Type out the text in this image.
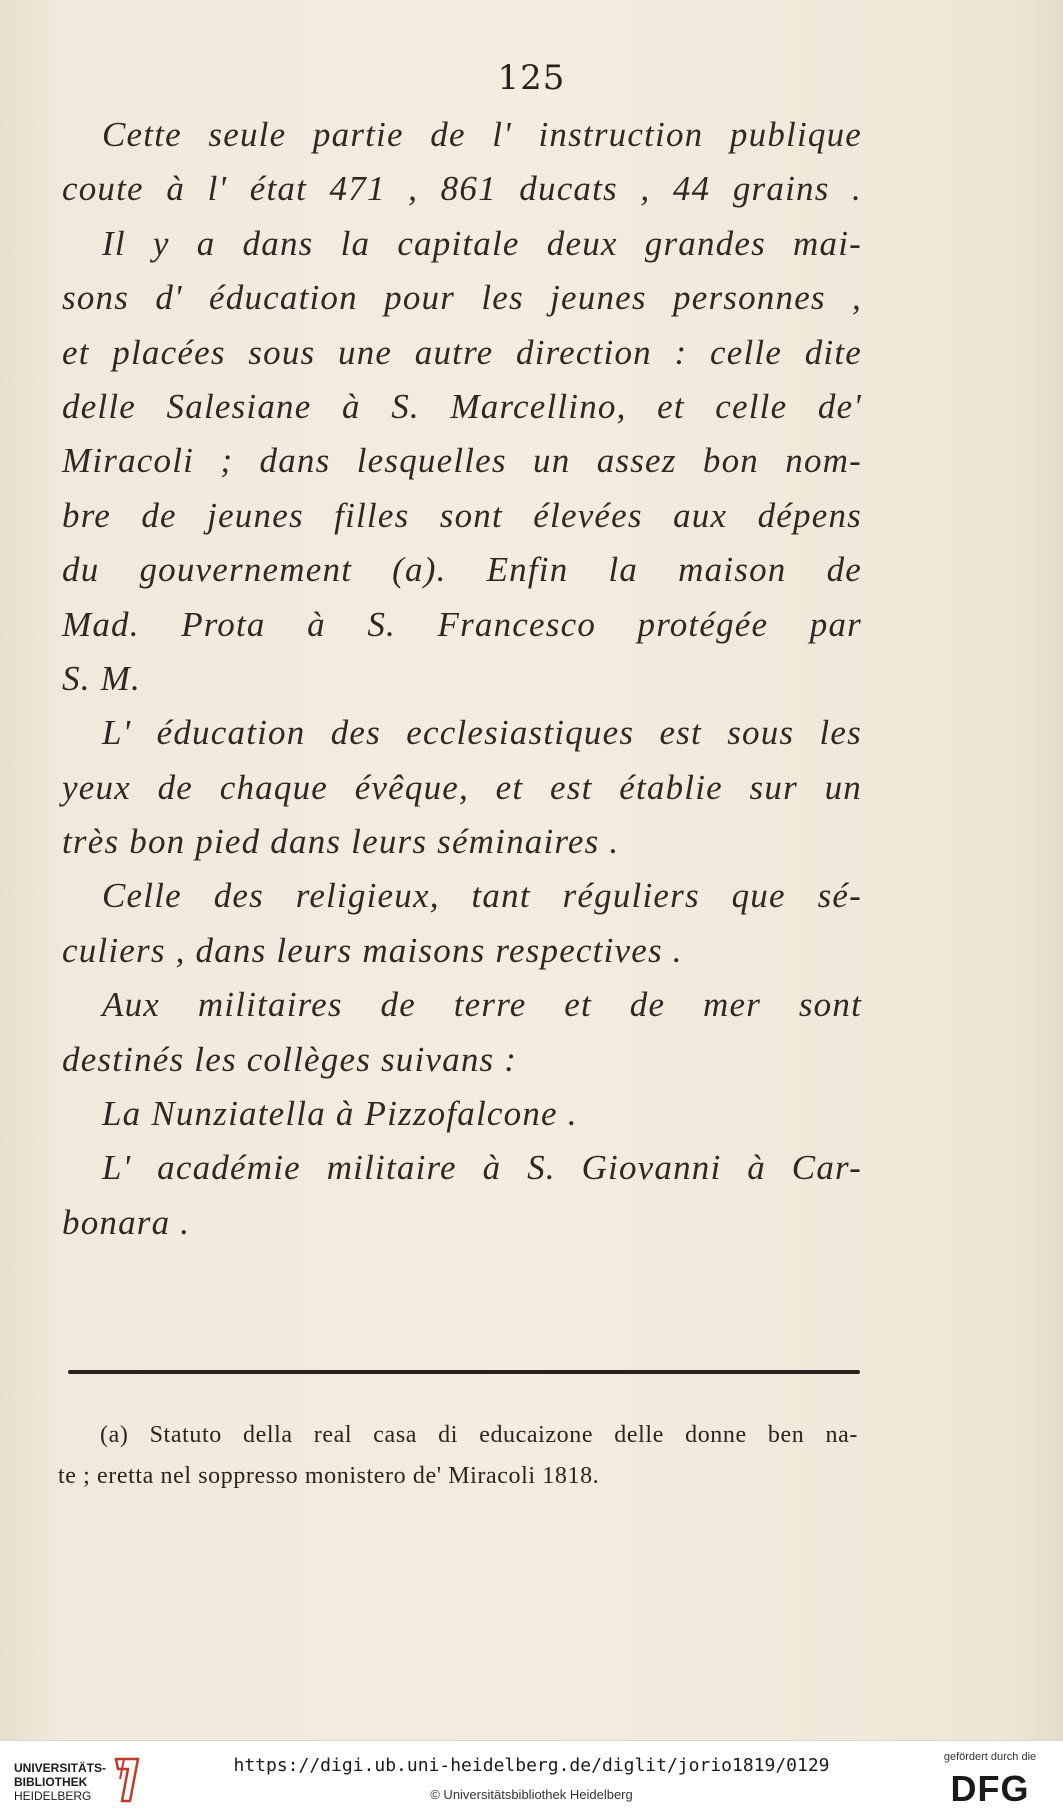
125
Cette seule partie de l' instruction publique
coute à l' état 471 , 861 ducats , 44 grains .
Il y a dans la capitale deux grandes mai-
sons d' éducation pour les jeunes personnes ,
et placées sous une autre direction : celle dite
delle Salesiane à S. Marcellino, et celle de'
Miracoli ; dans lesquelles un assez bon nom-
bre de jeunes filles sont élevées aux dépens
du gouvernement (a). Enfin la maison de
Mad. Prota à S. Francesco protégée par
S. M.
L' éducation des ecclesiastiques est sous les
yeux de chaque évêque, et est établie sur un
très bon pied dans leurs séminaires .
Celle des religieux, tant réguliers que sé-
culiers , dans leurs maisons respectives .
Aux militaires de terre et de mer sont
destinés les collèges suivans :
La Nunziatella à Pizzofalcone .
L' académie militaire à S. Giovanni à Car-
bonara .
(a) Statuto della real casa di educaizone delle donne ben na-
te ; eretta nel soppresso monistero de' Miracoli 1818.
UNIVERSITÄTS-
BIBLIOTHEK
HEIDELBERG
https://digi.ub.uni-heidelberg.de/diglit/jorio1819/0129
© Universitätsbibliothek Heidelberg
gefördert durch die
DFG
